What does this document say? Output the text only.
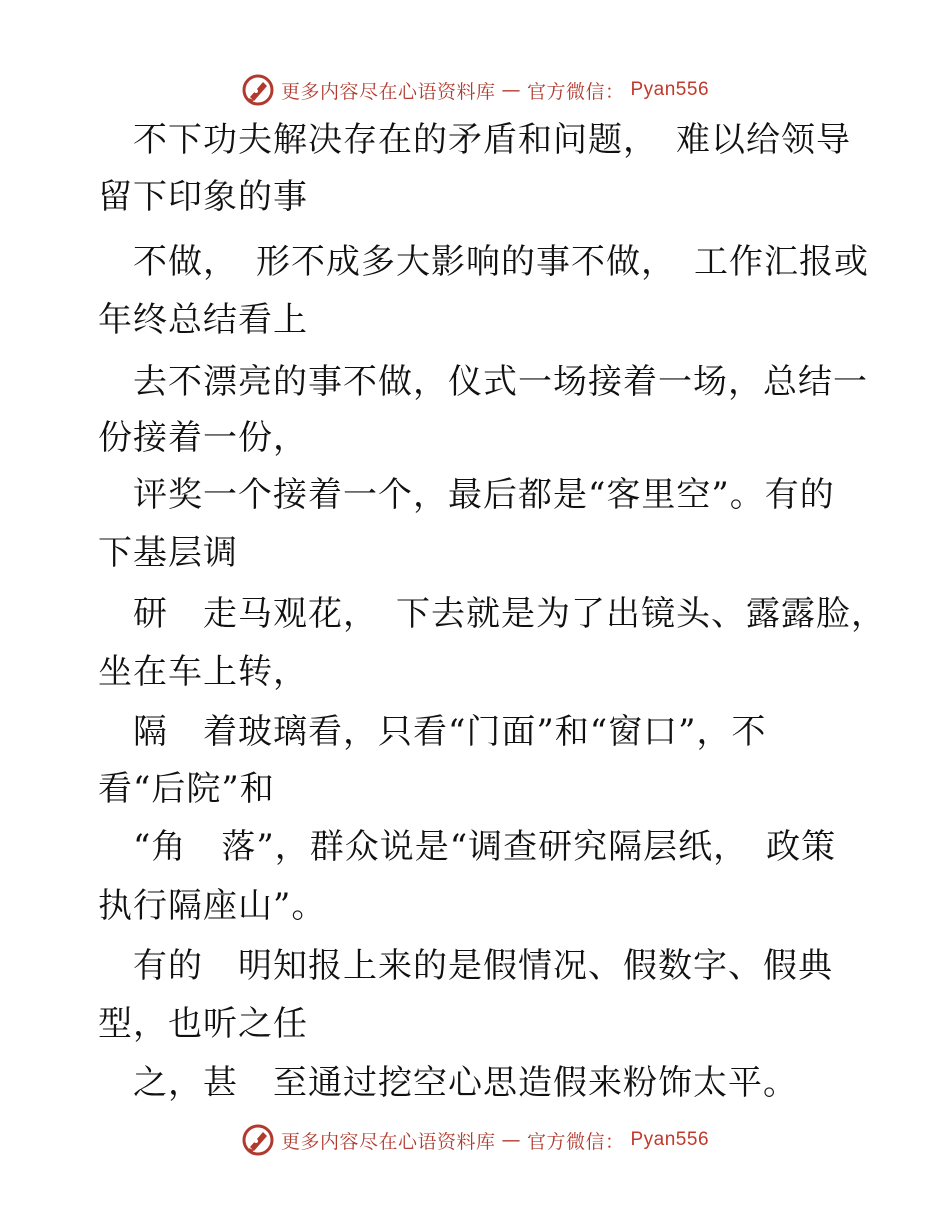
更多内容尽在心语资料库 — 官方微信： Pyan556
　不下功夫解决存在的矛盾和问题，　难以给领导
留下印象的事
　不做，　形不成多大影响的事不做，　工作汇报或
年终总结看上
　去不漂亮的事不做，仪式一场接着一场，总结一
份接着一份，
　评奖一个接着一个，最后都是“客里空”。有的
下基层调
　研　走马观花，　下去就是为了出镜头、露露脸，
坐在车上转，
　隔　着玻璃看，只看“门面”和“窗口”，不
看“后院”和
　“角　落”，群众说是“调查研究隔层纸，　政策
执行隔座山”。
　有的　明知报上来的是假情况、假数字、假典
型，也听之任
　之，甚　至通过挖空心思造假来粉饰太平。
更多内容尽在心语资料库 — 官方微信： Pyan556
